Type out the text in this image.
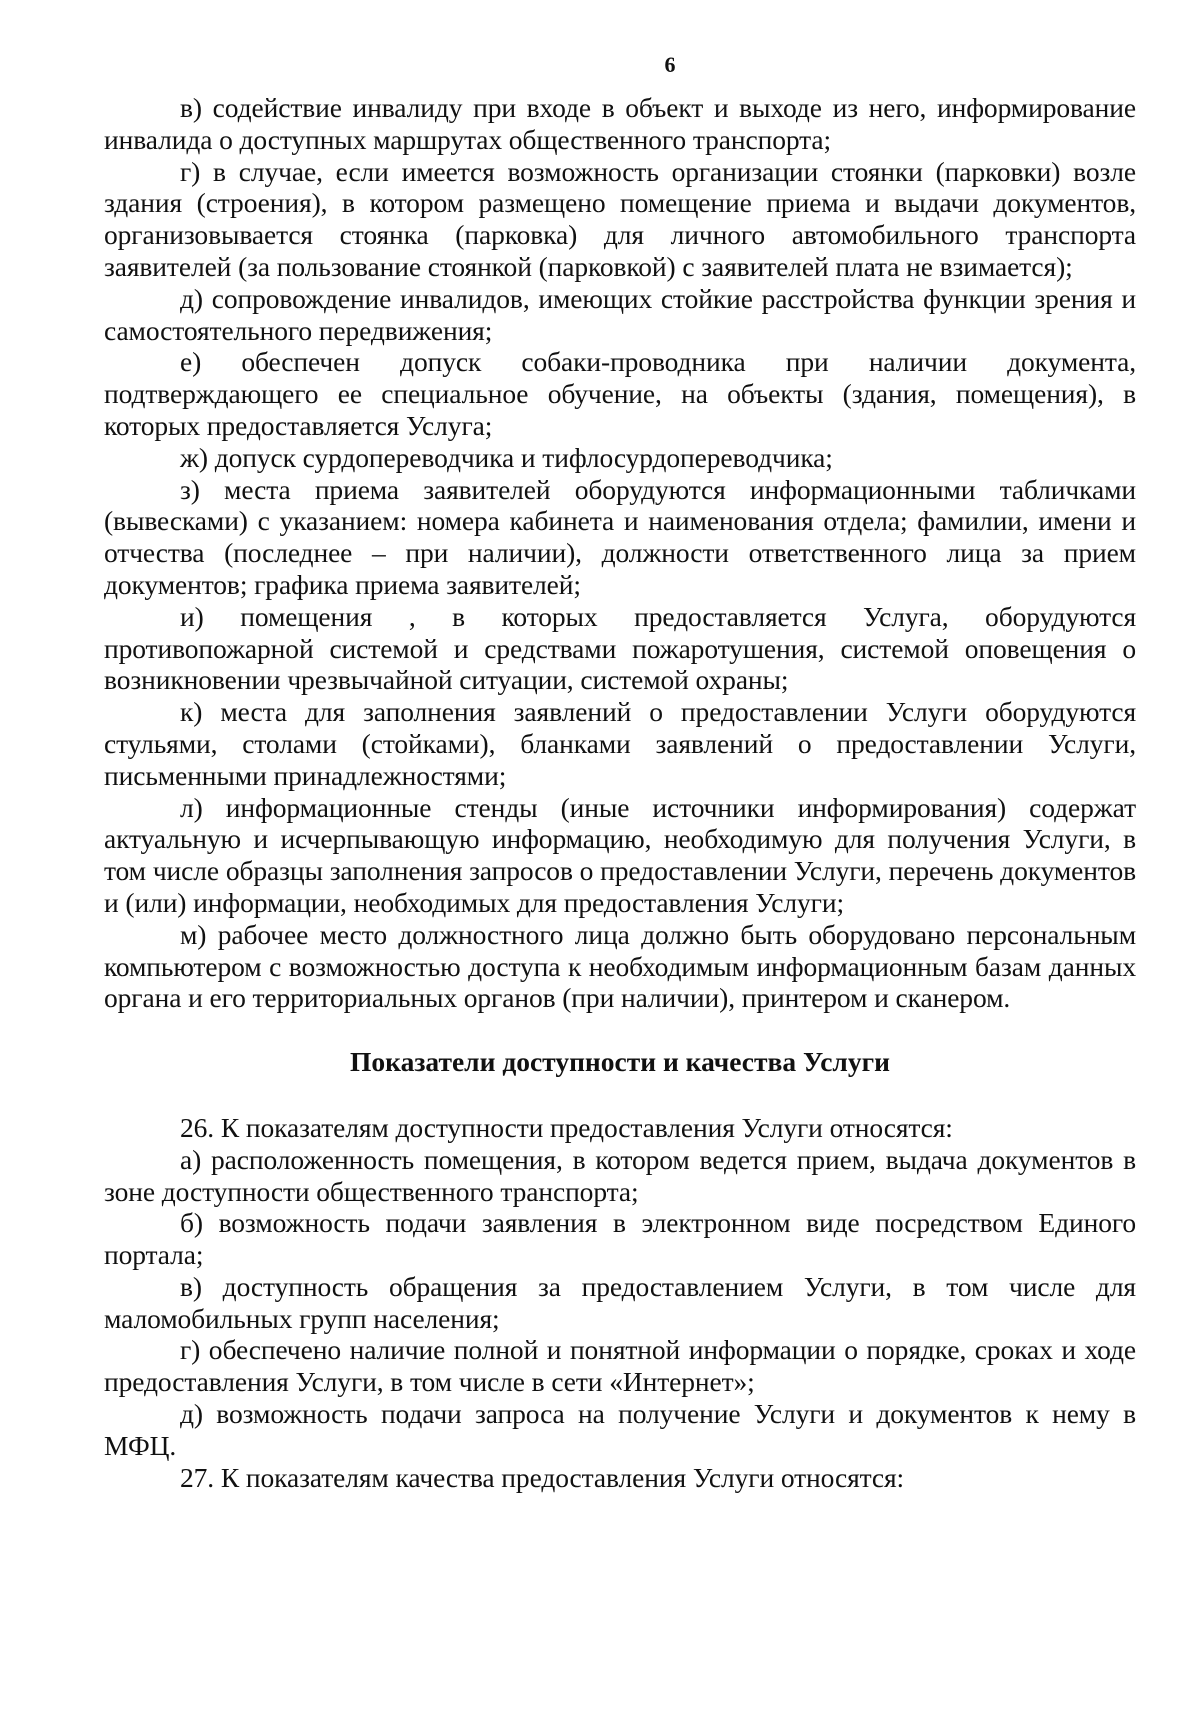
6

в) содействие инвалиду при входе в объект и выходе из него, информирование инвалида о доступных маршрутах общественного транспорта;

г) в случае, если имеется возможность организации стоянки (парковки) возле здания (строения), в котором размещено помещение приема и выдачи документов, организовывается стоянка (парковка) для личного автомобильного транспорта заявителей (за пользование стоянкой (парковкой) с заявителей плата не взимается);

д) сопровождение инвалидов, имеющих стойкие расстройства функции зрения и самостоятельного передвижения;

е) обеспечен допуск собаки-проводника при наличии документа, подтверждающего ее специальное обучение, на объекты (здания, помещения), в которых предоставляется Услуга;

ж) допуск сурдопереводчика и тифлосурдопереводчика;

з) места приема заявителей оборудуются информационными табличками (вывесками) с указанием: номера кабинета и наименования отдела; фамилии, имени и отчества (последнее – при наличии), должности ответственного лица за прием документов; графика приема заявителей;

и) помещения , в которых предоставляется Услуга, оборудуются противопожарной системой и средствами пожаротушения, системой оповещения о возникновении чрезвычайной ситуации, системой охраны;

к) места для заполнения заявлений о предоставлении Услуги оборудуются стульями, столами (стойками), бланками заявлений о предоставлении Услуги, письменными принадлежностями;

л) информационные стенды (иные источники информирования) содержат актуальную и исчерпывающую информацию, необходимую для получения Услуги, в том числе образцы заполнения запросов о предоставлении Услуги, перечень документов и (или) информации, необходимых для предоставления Услуги;

м) рабочее место должностного лица должно быть оборудовано персональным компьютером с возможностью доступа к необходимым информационным базам данных органа и его территориальных органов (при наличии), принтером и сканером.

Показатели доступности и качества Услуги

26. К показателям доступности предоставления Услуги относятся:

а) расположенность помещения, в котором ведется прием, выдача документов в зоне доступности общественного транспорта;

б) возможность подачи заявления в электронном виде посредством Единого портала;

в) доступность обращения за предоставлением Услуги, в том числе для маломобильных групп населения;

г) обеспечено наличие полной и понятной информации о порядке, сроках и ходе предоставления Услуги, в том числе в сети «Интернет»;

д) возможность подачи запроса на получение Услуги и документов к нему в МФЦ.

27. К показателям качества предоставления Услуги относятся:
